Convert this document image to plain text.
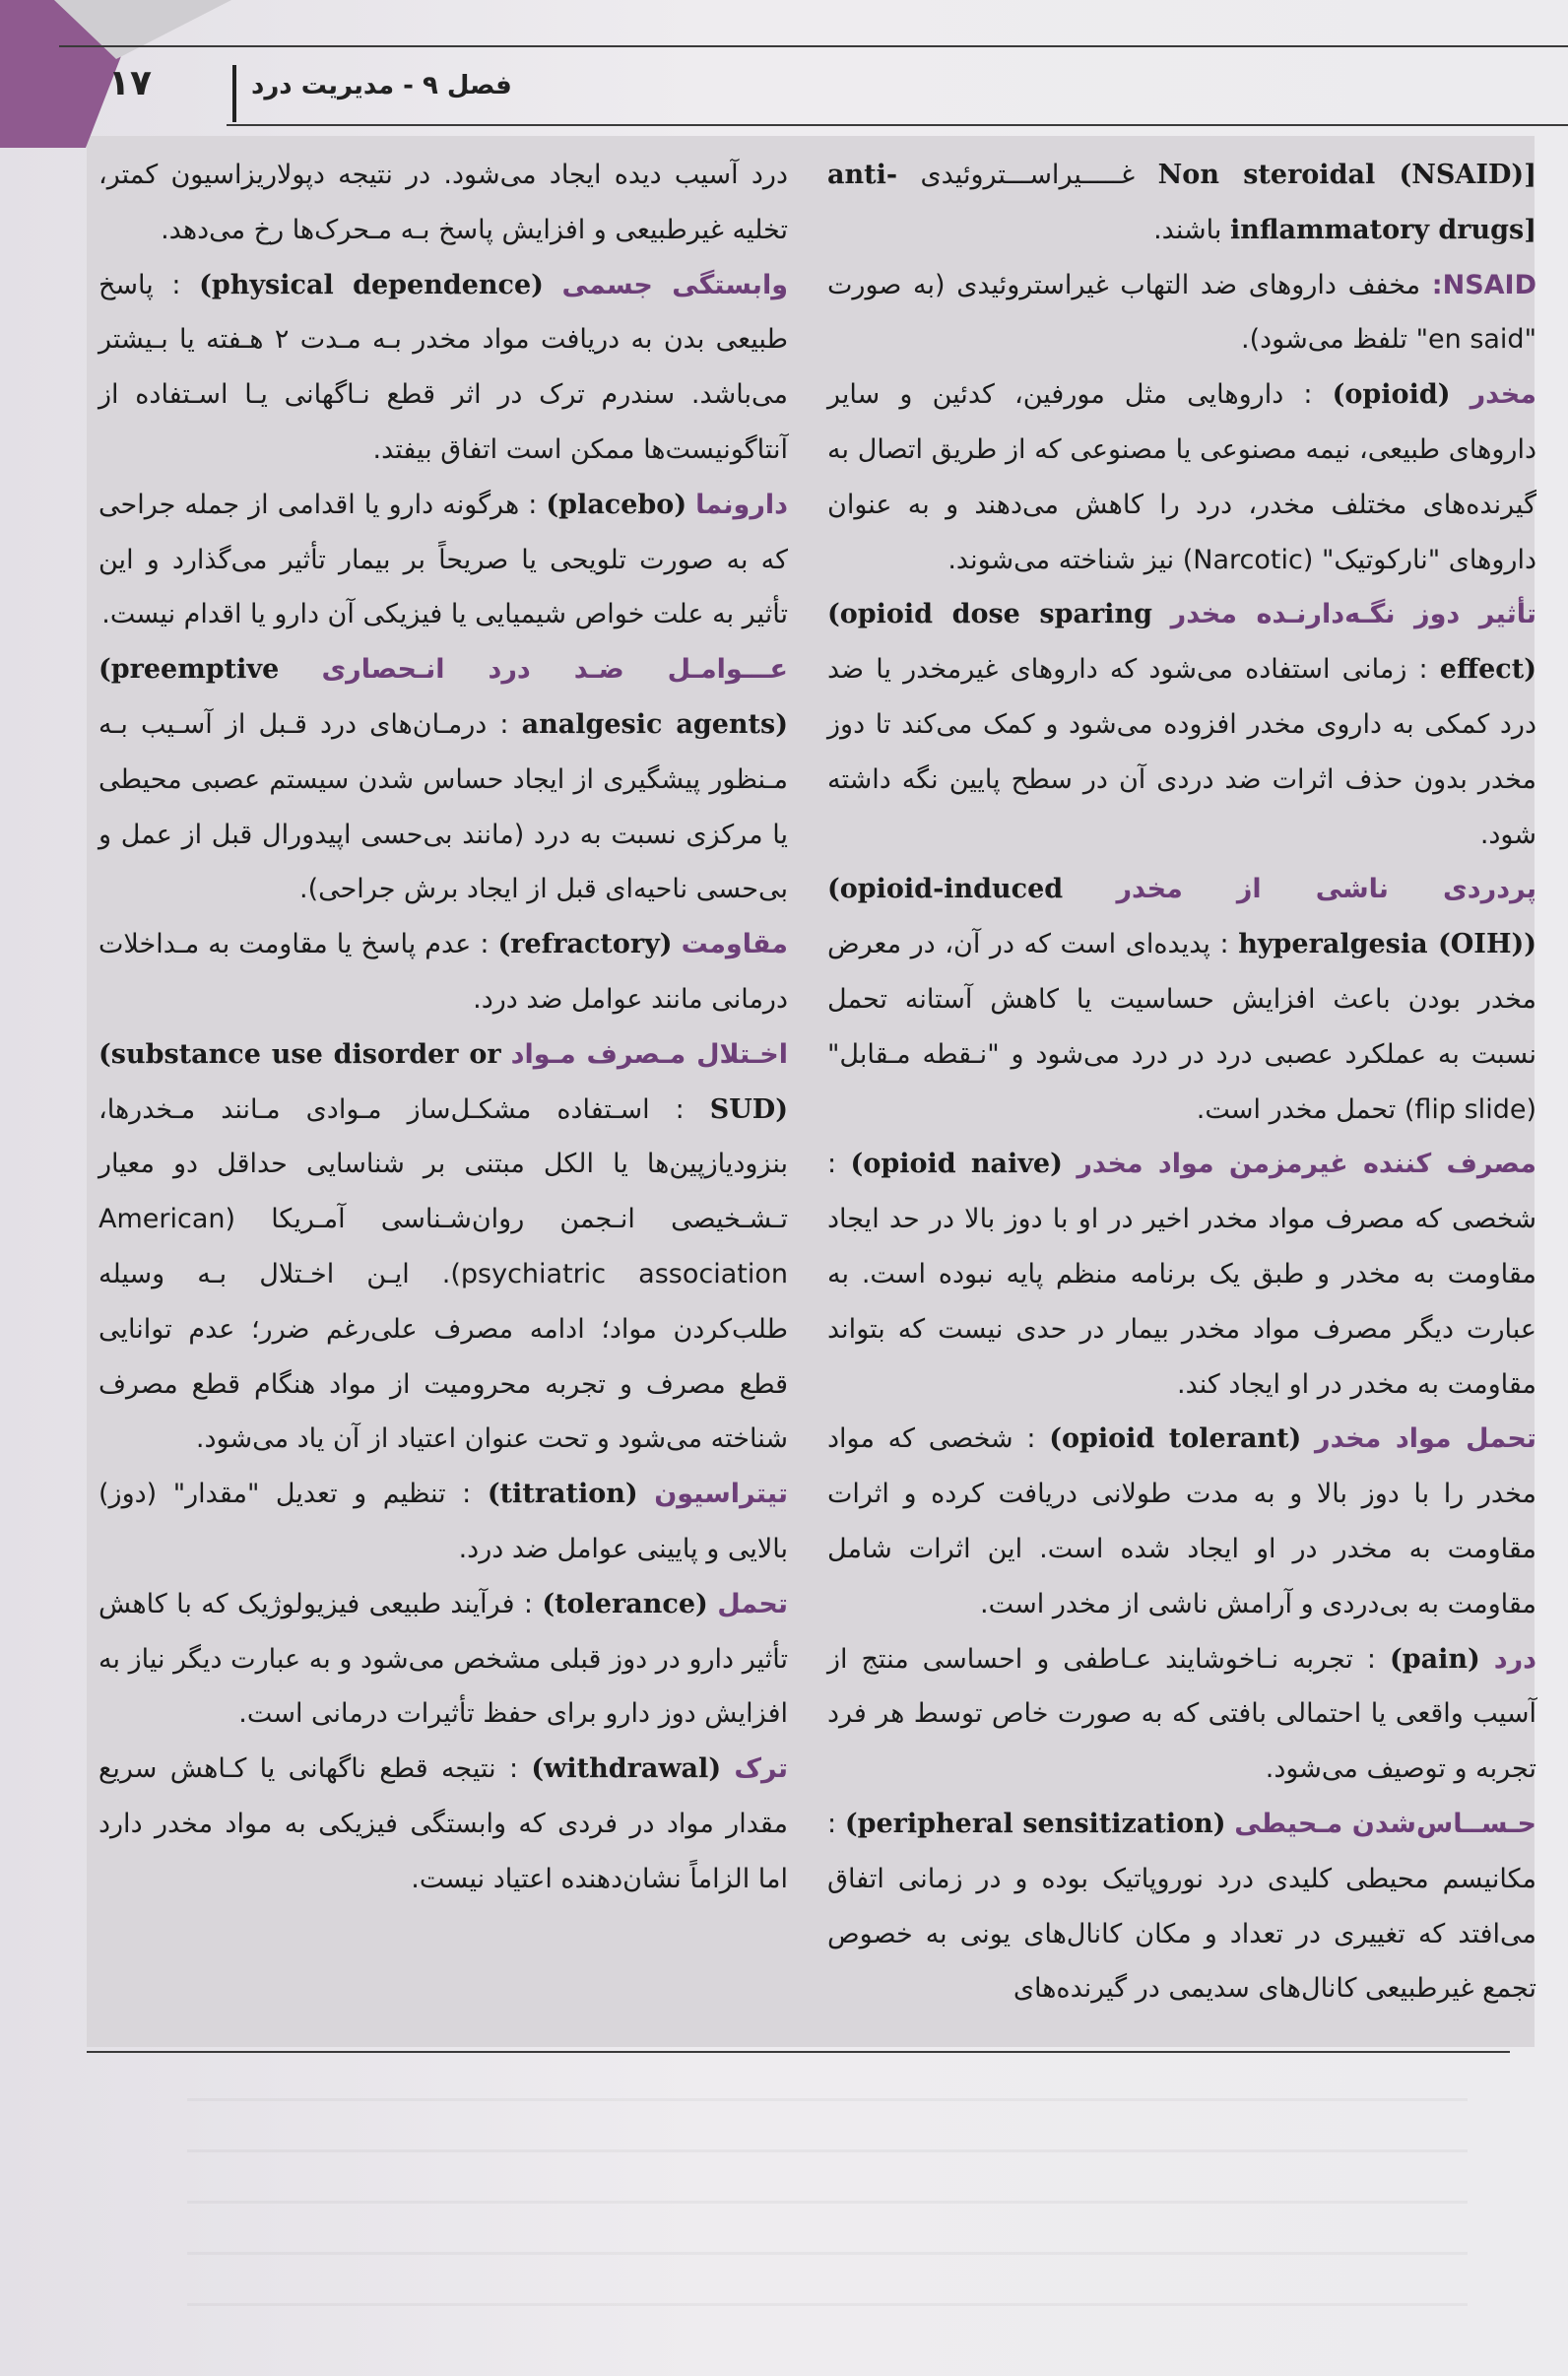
۱۷	فصل ۹ - مدیریت درد

Non steroidal (NSAID)] غـــــیراســـتروئیدی anti-inflammatory drugs] باشند.

NSAID: مخفف داروهای ضد التهاب غیراستروئیدی (به صورت "en said" تلفظ می‌شود).

مخدر (opioid) : داروهایی مثل مورفین، کدئین و سایر داروهای طبیعی، نیمه مصنوعی یا مصنوعی که از طریق اتصال به گیرنده‌های مختلف مخدر، درد را کاهش می‌دهند و به عنوان داروهای "نارکوتیک" (Narcotic) نیز شناخته می‌شوند.

تأثیر دوز نگـه‌دارنـده مخدر (opioid dose sparing effect) : زمانی استفاده می‌شود که داروهای غیرمخدر یا ضد درد کمکی به داروی مخدر افزوده می‌شود و کمک می‌کند تا دوز مخدر بدون حذف اثرات ضد دردی آن در سطح پایین نگه داشته شود.

پردردی ناشی از مخدر (opioid-induced hyperalgesia (OIH)) : پدیده‌ای است که در آن، در معرض مخدر بودن باعث افزایش حساسیت یا کاهش آستانه تحمل نسبت به عملکرد عصبی درد در درد می‌شود و "نـقطه مـقابل" (flip slide) تحمل مخدر است.

مصرف کننده غیرمزمن مواد مخدر (opioid naive) : شخصی که مصرف مواد مخدر اخیر در او با دوز بالا در حد ایجاد مقاومت به مخدر و طبق یک برنامه منظم پایه نبوده است. به عبارت دیگر مصرف مواد مخدر بیمار در حدی نیست که بتواند مقاومت به مخدر در او ایجاد کند.

تحمل مواد مخدر (opioid tolerant) : شخصی که مواد مخدر را با دوز بالا و به مدت طولانی دریافت کرده و اثرات مقاومت به مخدر در او ایجاد شده است. این اثرات شامل مقاومت به بی‌دردی و آرامش ناشی از مخدر است.

درد (pain) : تجربه نـاخوشایند عـاطفی و احساسی منتج از آسیب واقعی یا احتمالی بافتی که به صورت خاص توسط هر فرد تجربه و توصیف می‌شود.

حـســاس‌شدن مـحیطی (peripheral sensitization) : مکانیسم محیطی کلیدی درد نوروپاتیک بوده و در زمانی اتفاق می‌افتد که تغییری در تعداد و مکان کانال‌های یونی به خصوص تجمع غیرطبیعی کانال‌های سدیمی در گیرنده‌های

درد آسیب دیده ایجاد می‌شود. در نتیجه دپولاریزاسیون کمتر، تخلیه غیرطبیعی و افزایش پاسخ بـه مـحرک‌ها رخ می‌دهد.

وابستگی جسمی (physical dependence) : پاسخ طبیعی بدن به دریافت مواد مخدر بـه مـدت ۲ هـفته یا بـیشتر می‌باشد. سندرم ترک در اثر قطع نـاگهانی یـا اسـتفاده از آنتاگونیست‌ها ممکن است اتفاق بیفتد.

دارونما (placebo) : هرگونه دارو یا اقدامی از جمله جراحی که به صورت تلویحی یا صریحاً بر بیمار تأثیر می‌گذارد و این تأثیر به علت خواص شیمیایی یا فیزیکی آن دارو یا اقدام نیست.

عـــوامـل ضـد درد انـحصاری (preemptive analgesic agents) : درمـان‌های درد قـبل از آسـیب بـه مـنظور پیشگیری از ایجاد حساس شدن سیستم عصبی محیطی یا مرکزی نسبت به درد (مانند بی‌حسی اپیدورال قبل از عمل و بی‌حسی ناحیه‌ای قبل از ایجاد برش جراحی).

مقاومت (refractory) : عدم پاسخ یا مقاومت به مـداخلات درمانی مانند عوامل ضد درد.

اخـتلال مـصرف مـواد (substance use disorder or SUD) : اسـتفاده مشکـل‌ساز مـوادی مـانند مـخدرها، بنزودیازپین‌ها یا الکل مبتنی بر شناسایی حداقل دو معیار تـشـخیصی انـجمن روان‌شـناسی آمـریکا (American psychiatric association). ایـن اخـتلال بـه وسیله طلب‌کردن مواد؛ ادامه مصرف علی‌رغم ضرر؛ عدم توانایی قطع مصرف و تجربه محرومیت از مواد هنگام قطع مصرف شناخته می‌شود و تحت عنوان اعتیاد از آن یاد می‌شود.

تیتراسیون (titration) : تنظیم و تعدیل "مقدار" (دوز) بالایی و پایینی عوامل ضد درد.

تحمل (tolerance) : فرآیند طبیعی فیزیولوژیک که با کاهش تأثیر دارو در دوز قبلی مشخص می‌شود و به عبارت دیگر نیاز به افزایش دوز دارو برای حفظ تأثیرات درمانی است.

ترک (withdrawal) : نتیجه قطع ناگهانی یا کـاهش سریع مقدار مواد در فردی که وابستگی فیزیکی به مواد مخدر دارد اما الزاماً نشان‌دهنده اعتیاد نیست.
